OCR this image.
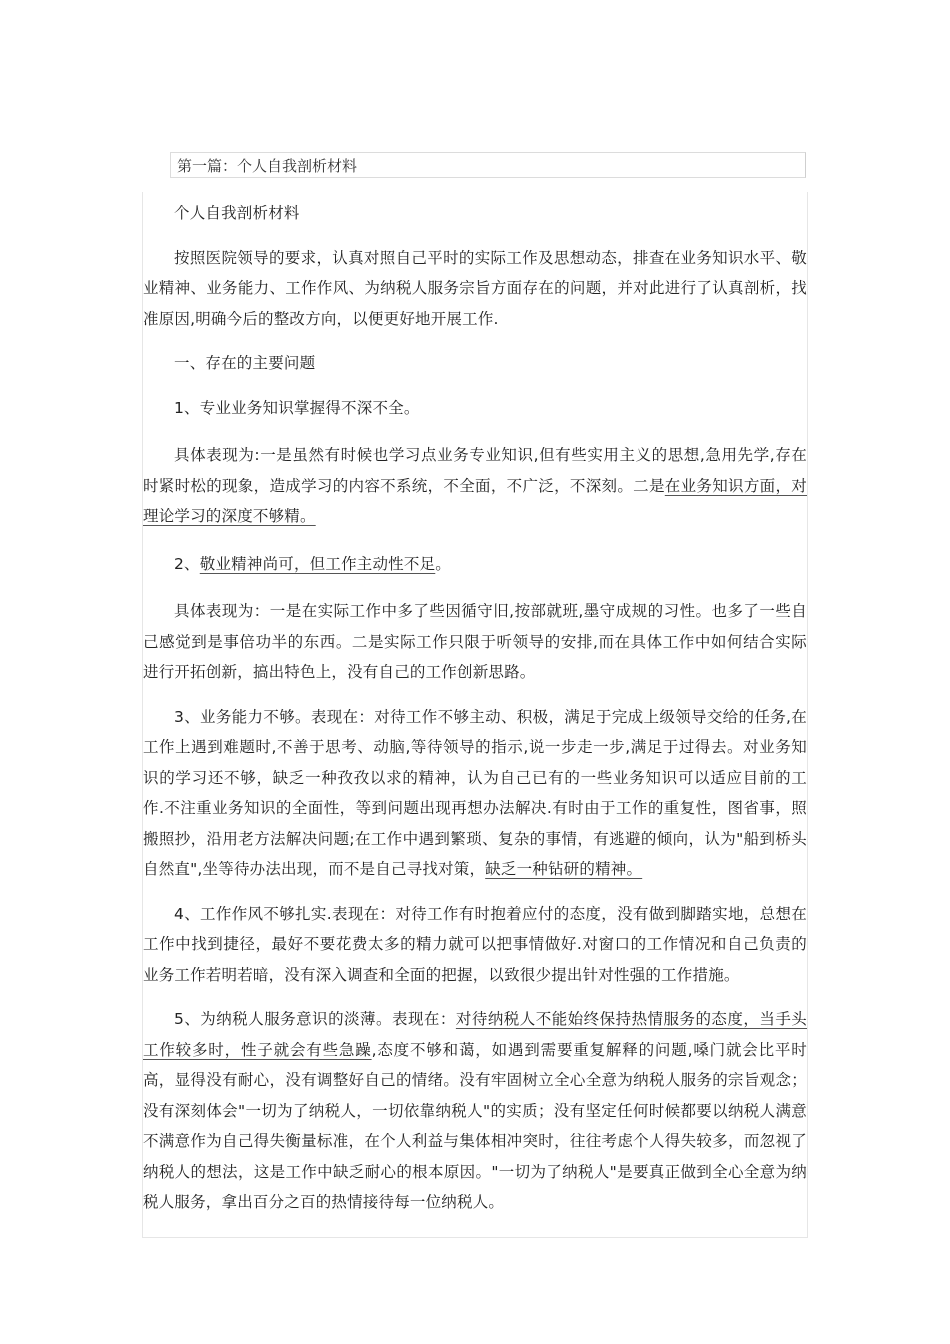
第一篇：个人自我剖析材料

个人自我剖析材料

按照医院领导的要求，认真对照自己平时的实际工作及思想动态，排查在业务知识水平、敬业精神、业务能力、工作作风、为纳税人服务宗旨方面存在的问题，并对此进行了认真剖析，找准原因,明确今后的整改方向，以便更好地开展工作.

一、存在的主要问题

1、专业业务知识掌握得不深不全。

具体表现为:一是虽然有时候也学习点业务专业知识,但有些实用主义的思想,急用先学,存在时紧时松的现象，造成学习的内容不系统，不全面，不广泛，不深刻。二是在业务知识方面，对理论学习的深度不够精。

2、敬业精神尚可，但工作主动性不足。

具体表现为：一是在实际工作中多了些因循守旧,按部就班,墨守成规的习性。也多了一些自己感觉到是事倍功半的东西。二是实际工作只限于听领导的安排,而在具体工作中如何结合实际进行开拓创新，搞出特色上，没有自己的工作创新思路。

3、业务能力不够。表现在：对待工作不够主动、积极，满足于完成上级领导交给的任务,在工作上遇到难题时,不善于思考、动脑,等待领导的指示,说一步走一步,满足于过得去。对业务知识的学习还不够，缺乏一种孜孜以求的精神，认为自己已有的一些业务知识可以适应目前的工作.不注重业务知识的全面性，等到问题出现再想办法解决.有时由于工作的重复性，图省事，照搬照抄，沿用老方法解决问题;在工作中遇到繁琐、复杂的事情，有逃避的倾向，认为"船到桥头自然直",坐等待办法出现，而不是自己寻找对策，缺乏一种钻研的精神。

4、工作作风不够扎实.表现在：对待工作有时抱着应付的态度，没有做到脚踏实地，总想在工作中找到捷径，最好不要花费太多的精力就可以把事情做好.对窗口的工作情况和自己负责的业务工作若明若暗，没有深入调查和全面的把握，以致很少提出针对性强的工作措施。

5、为纳税人服务意识的淡薄。表现在：对待纳税人不能始终保持热情服务的态度，当手头工作较多时，性子就会有些急躁,态度不够和蔼，如遇到需要重复解释的问题,嗓门就会比平时高，显得没有耐心，没有调整好自己的情绪。没有牢固树立全心全意为纳税人服务的宗旨观念；没有深刻体会"一切为了纳税人，一切依靠纳税人"的实质；没有坚定任何时候都要以纳税人满意不满意作为自己得失衡量标准，在个人利益与集体相冲突时，往往考虑个人得失较多，而忽视了纳税人的想法，这是工作中缺乏耐心的根本原因。"一切为了纳税人"是要真正做到全心全意为纳税人服务，拿出百分之百的热情接待每一位纳税人。
